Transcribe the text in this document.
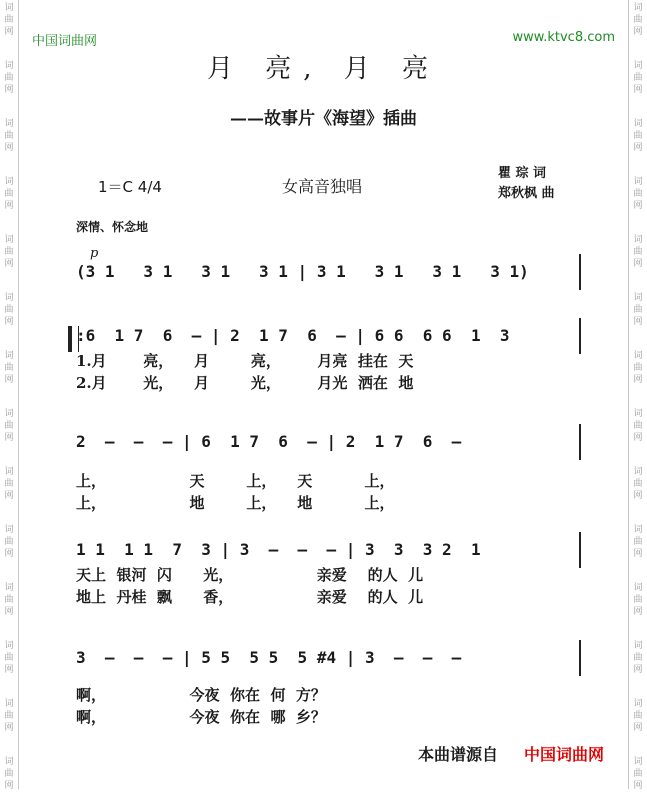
词 曲 网
词 曲 网
词 曲 网
词 曲 网
词 曲 网
词 曲 网
词 曲 网
词 曲 网
词 曲 网
词 曲 网
词 曲 网
词 曲 网
词 曲 网
词 曲 网
词 曲 网
词 曲 网
词 曲 网
词 曲 网
词 曲 网
词 曲 网
词 曲 网
词 曲 网
词 曲 网
词 曲 网
词 曲 网
词 曲 网
词 曲 网
词 曲 网
中国词曲网	www.ktvc8.com
月 亮, 月 亮
——故事片《海望》插曲
1＝C 4/4	女高音独唱
瞿 琮 词
郑秋枫 曲
深情、怀念地
p
(3 1   3 1   3 1   3 1 | 3 1   3 1   3 1   3 1)
:6  1 7  6  — | 2  1 7  6  — | 6 6  6 6  1  3
1.月       亮，    月        亮，       月亮  挂在  天
2.月       光，    月        光，       月光  洒在  地
2  —  —  — | 6  1 7  6  — | 2  1 7  6  —
上，                天        上，    天          上，
上，                地        上，    地          上，
1 1  1 1  7  3 | 3  —  —  — | 3  3  3 2  1
天上  银河  闪      光，                亲爱    的人  儿
地上  丹桂  飘      香，                亲爱    的人  儿
3  —  —  — | 5 5  5 5  5 #4 | 3  —  —  —
啊，                今夜  你在  何  方？
啊，                今夜  你在  哪  乡？
本曲谱源自 中国词曲网
